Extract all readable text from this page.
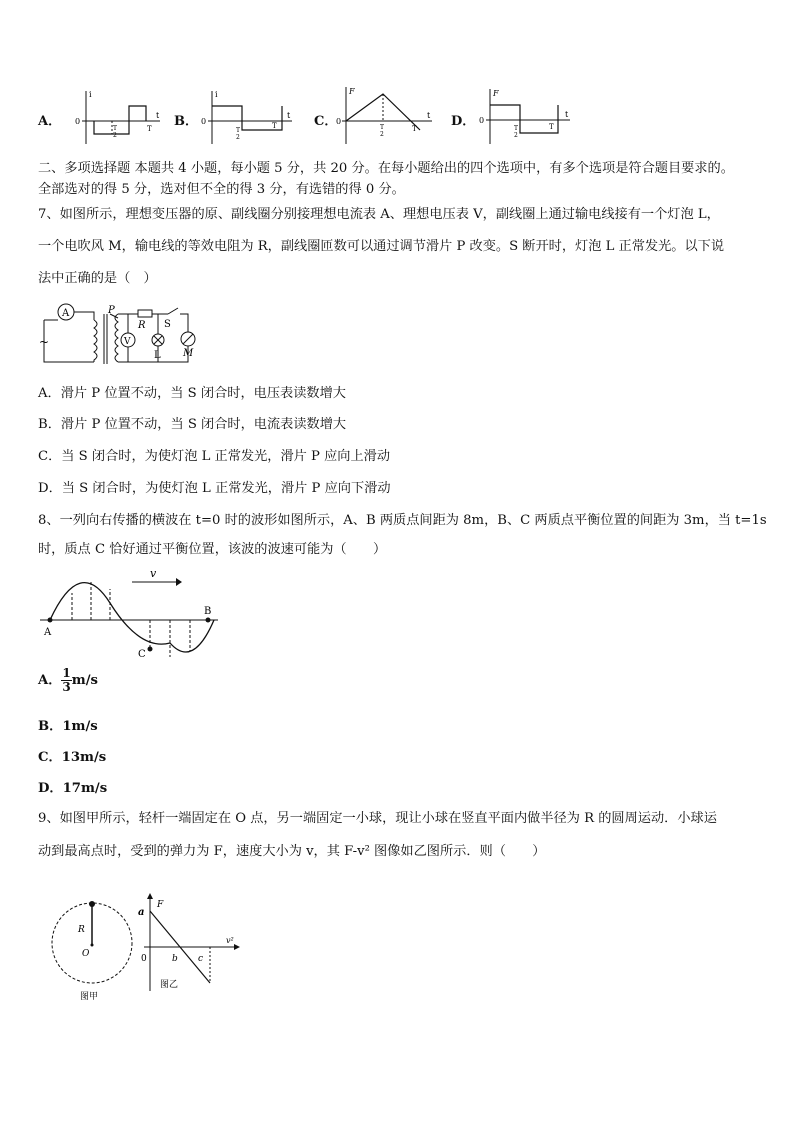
A．
i
0
t
T
2
T B．
i
0
t
T
2
T	C．
F
0
t
T
2
T	D．
F
0
t
T
2
T
二、多项选择题 本题共 4 小题，每小题 5 分，共 20 分。在每小题给出的四个选项中，有多个选项是符合题目要求的。
全部选对的得 5 分，选对但不全的得 3 分，有选错的得 0 分。
7、如图所示，理想变压器的原、副线圈分别接理想电流表 A、理想电压表 V，副线圈上通过输电线接有一个灯泡 L，
一个电吹风 M，输电线的等效电阻为 R，副线圈匝数可以通过调节滑片 P 改变。S 断开时，灯泡 L 正常发光。以下说
法中正确的是（　）
A
~
P
V
R
L
S
M
A．滑片 P 位置不动，当 S 闭合时，电压表读数增大
B．滑片 P 位置不动，当 S 闭合时，电流表读数增大
C．当 S 闭合时，为使灯泡 L 正常发光，滑片 P 应向上滑动
D．当 S 闭合时，为使灯泡 L 正常发光，滑片 P 应向下滑动
8、一列向右传播的横波在 t=0 时的波形如图所示，A、B 两质点间距为 8m，B、C 两质点平衡位置的间距为 3m，当 t=1s
时，质点 C 恰好通过平衡位置，该波的波速可能为（　　）
v
A
B
C
A． $\frac{1}{3} m/s$
B．1m/s
C．13m/s
D．17m/s
9、如图甲所示，轻杆一端固定在 O 点，另一端固定一小球，现让小球在竖直平面内做半径为 R 的圆周运动．小球运
动到最高点时，受到的弹力为 F，速度大小为 v，其 F-v² 图像如乙图所示．则（　　）
R
O
图甲
F
a
0
v²
b c
图乙
